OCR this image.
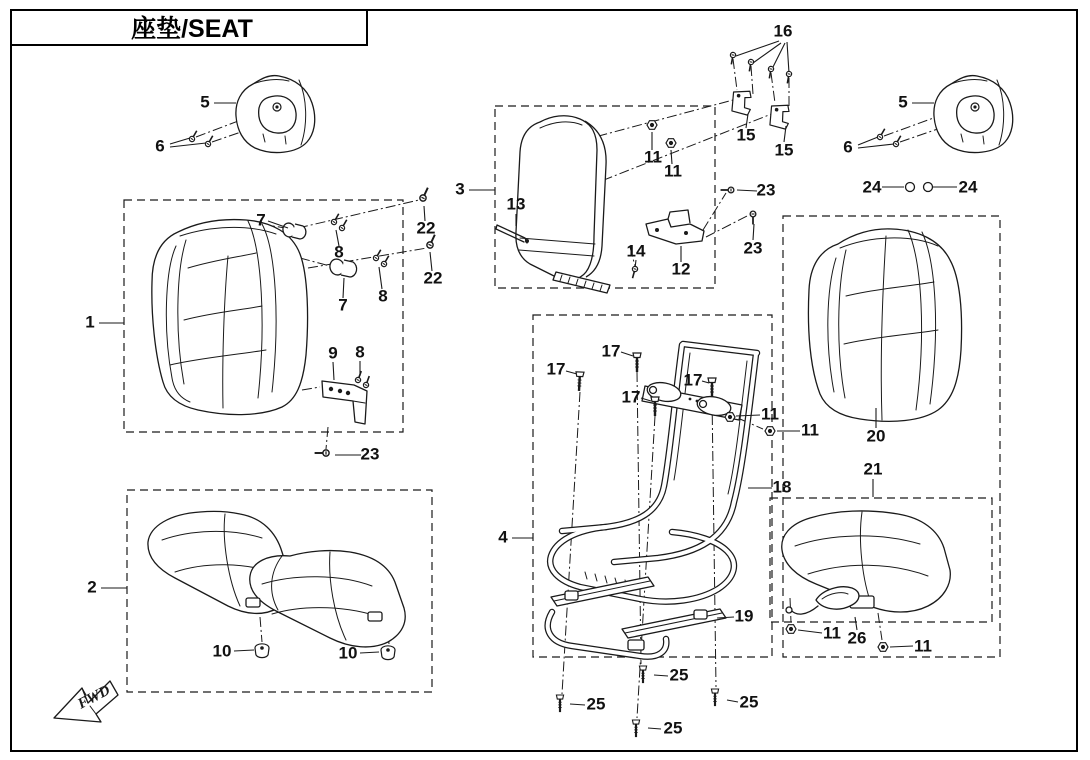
座垫/SEAT
FWD
1
2
3
4
5	5
6	6
7
7
8
8
8
9
10	10
11
11
11
11
11
11
12
13
14
15
15
16
17
17
17
17
18
19
20
21
22
22
23
23
23
24	24
25
25
25
25
26
